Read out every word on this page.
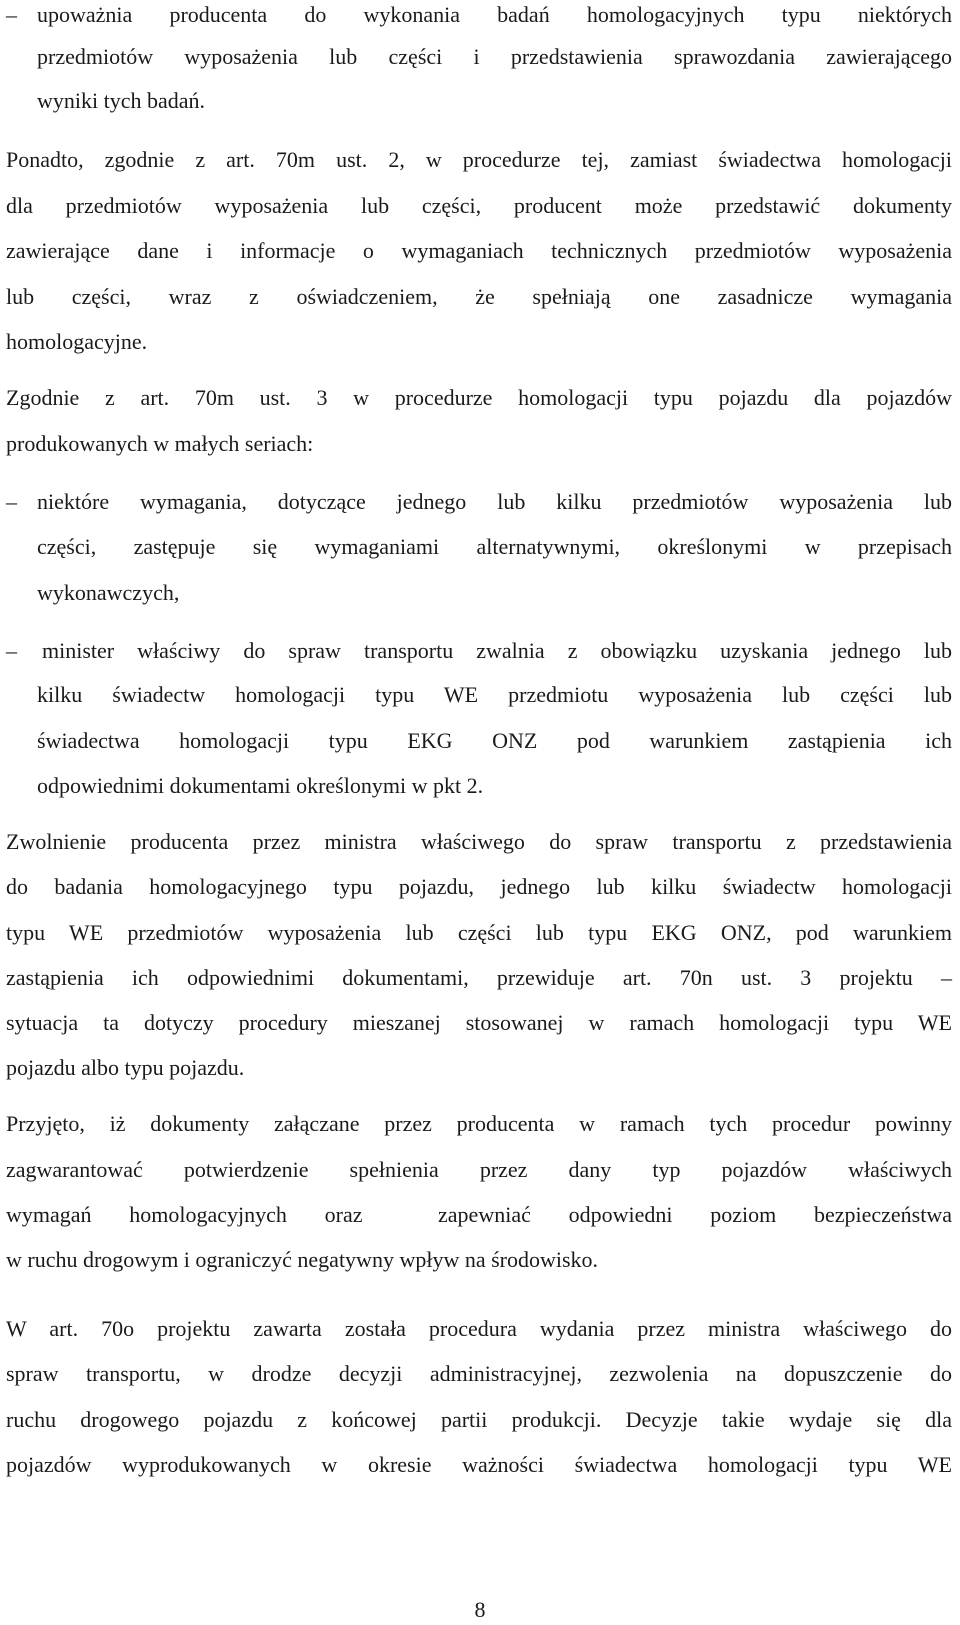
– upoważnia producenta do wykonania badań homologacyjnych typu niektórych
przedmiotów wyposażenia lub części i przedstawienia sprawozdania zawierającego
wyniki tych badań.
Ponadto, zgodnie z art. 70m ust. 2, w procedurze tej, zamiast świadectwa homologacji
dla przedmiotów wyposażenia lub części, producent może przedstawić dokumenty
zawierające dane i informacje o wymaganiach technicznych przedmiotów wyposażenia
lub części, wraz z oświadczeniem, że spełniają one zasadnicze wymagania
homologacyjne.
Zgodnie z art. 70m ust. 3 w procedurze homologacji typu pojazdu dla pojazdów
produkowanych w małych seriach:
– niektóre wymagania, dotyczące jednego lub kilku przedmiotów wyposażenia lub
części, zastępuje się wymaganiami alternatywnymi, określonymi w przepisach
wykonawczych,
– minister właściwy do spraw transportu zwalnia z obowiązku uzyskania jednego lub
kilku świadectw homologacji typu WE przedmiotu wyposażenia lub części lub
świadectwa homologacji typu EKG ONZ pod warunkiem zastąpienia ich
odpowiednimi dokumentami określonymi w pkt 2.
Zwolnienie producenta przez ministra właściwego do spraw transportu z przedstawienia
do badania homologacyjnego typu pojazdu, jednego lub kilku świadectw homologacji
typu WE przedmiotów wyposażenia lub części lub typu EKG ONZ, pod warunkiem
zastąpienia ich odpowiednimi dokumentami, przewiduje art. 70n ust. 3 projektu –
sytuacja ta dotyczy procedury mieszanej stosowanej w ramach homologacji typu WE
pojazdu albo typu pojazdu.
Przyjęto, iż dokumenty załączane przez producenta w ramach tych procedur powinny
zagwarantować potwierdzenie spełnienia przez dany typ pojazdów właściwych
wymagań homologacyjnych oraz  zapewniać odpowiedni poziom bezpieczeństwa
w ruchu drogowym i ograniczyć negatywny wpływ na środowisko.
W art. 70o projektu zawarta została procedura wydania przez ministra właściwego do
spraw transportu, w drodze decyzji administracyjnej, zezwolenia na dopuszczenie do
ruchu drogowego pojazdu z końcowej partii produkcji. Decyzje takie wydaje się dla
pojazdów wyprodukowanych w okresie ważności świadectwa homologacji typu WE
8
